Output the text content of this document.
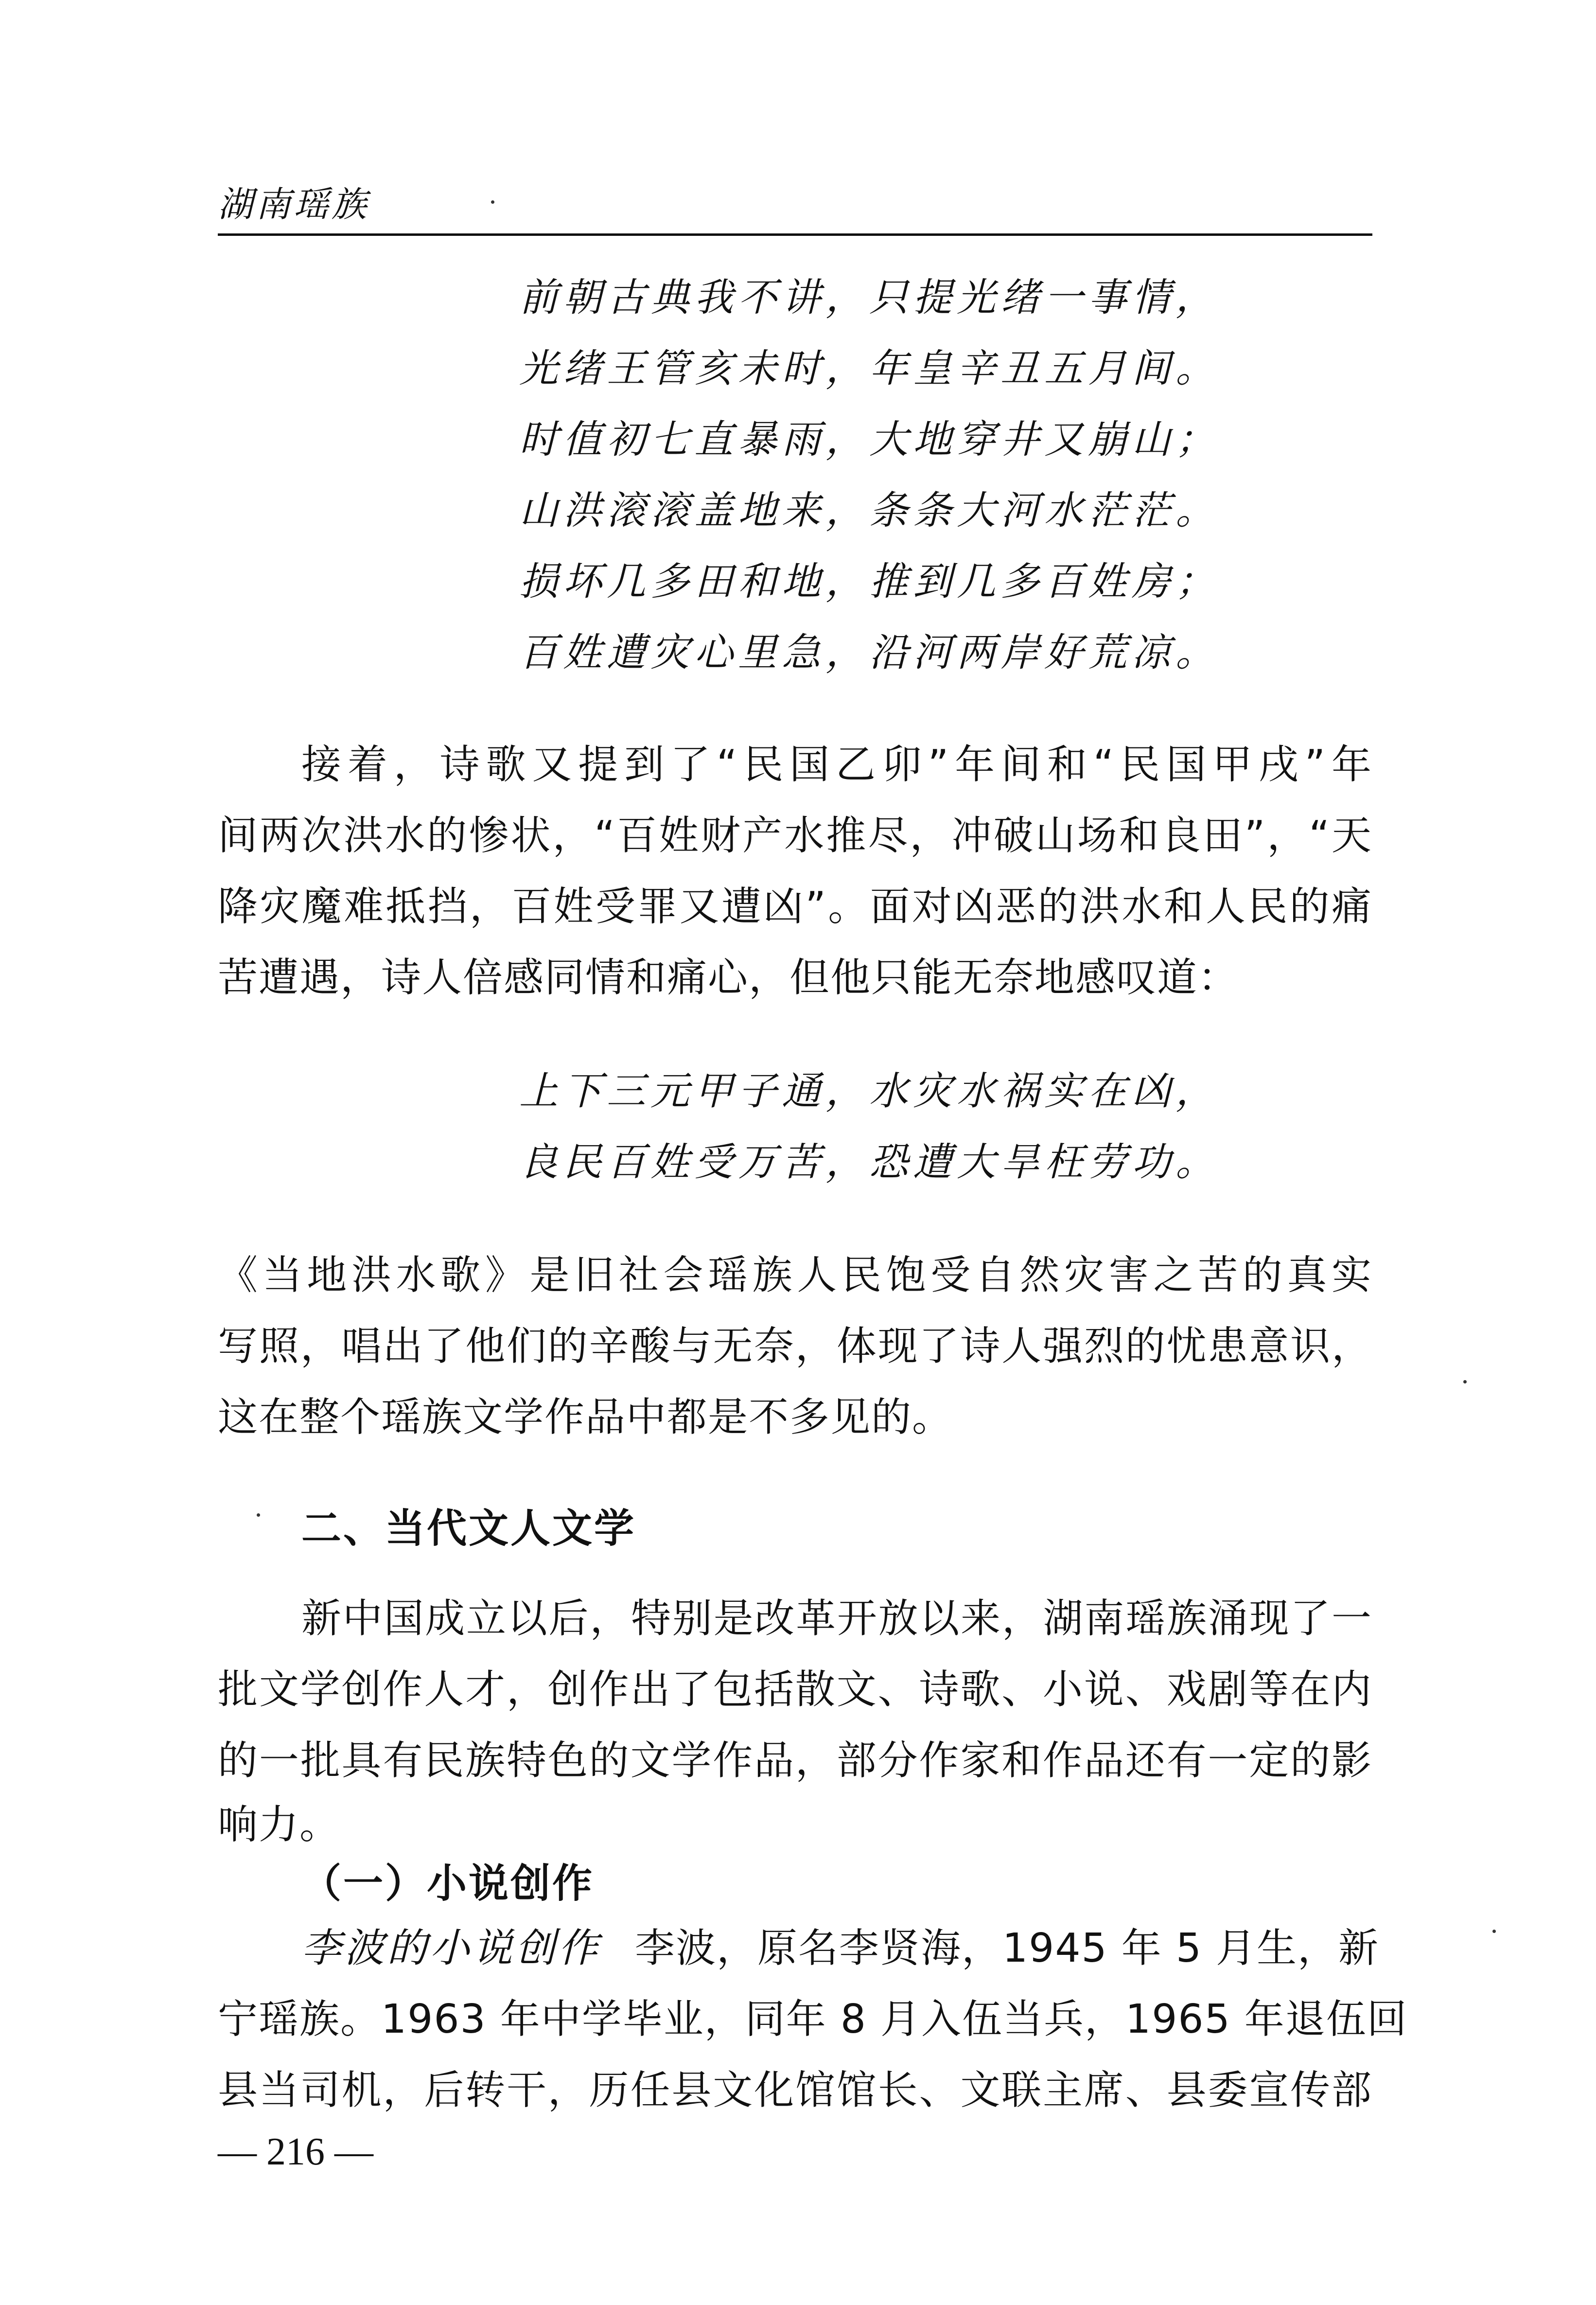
湖南瑶族
前朝古典我不讲，只提光绪一事情，
光绪王管亥未时，年皇辛丑五月间。
时值初七直暴雨，大地穿井又崩山；
山洪滚滚盖地来，条条大河水茫茫。
损坏几多田和地，推到几多百姓房；
百姓遭灾心里急，沿河两岸好荒凉。
接着，诗歌又提到了“民国乙卯”年间和“民国甲戌”年
间两次洪水的惨状，“百姓财产水推尽，冲破山场和良田”，“天
降灾魔难抵挡，百姓受罪又遭凶”。面对凶恶的洪水和人民的痛
苦遭遇，诗人倍感同情和痛心，但他只能无奈地感叹道：
上下三元甲子通，水灾水祸实在凶，
良民百姓受万苦，恐遭大旱枉劳功。
《当地洪水歌》是旧社会瑶族人民饱受自然灾害之苦的真实
写照，唱出了他们的辛酸与无奈，体现了诗人强烈的忧患意识，
这在整个瑶族文学作品中都是不多见的。
二、当代文人文学
新中国成立以后，特别是改革开放以来，湖南瑶族涌现了一
批文学创作人才，创作出了包括散文、诗歌、小说、戏剧等在内
的一批具有民族特色的文学作品，部分作家和作品还有一定的影
响力。
（一）小说创作
李波的小说创作 李波，原名李贤海，1945 年 5 月生，新
宁瑶族。1963 年中学毕业，同年 8 月入伍当兵，1965 年退伍回
县当司机，后转干，历任县文化馆馆长、文联主席、县委宣传部
— 216 —
